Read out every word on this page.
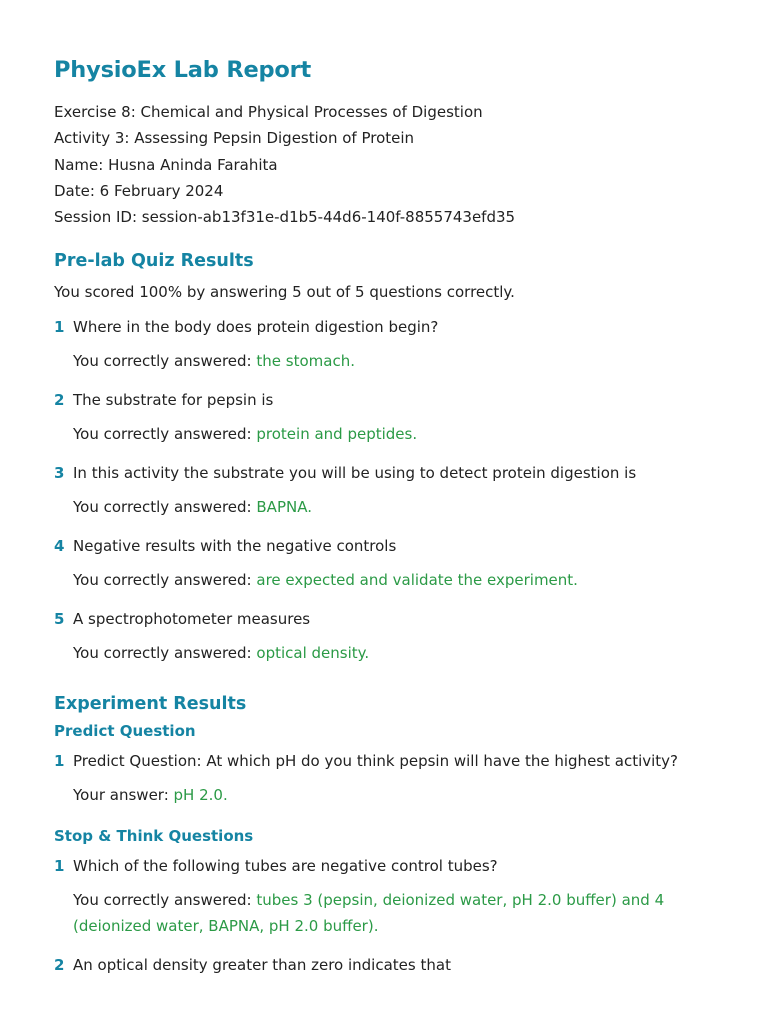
PhysioEx Lab Report
Exercise 8: Chemical and Physical Processes of Digestion
Activity 3: Assessing Pepsin Digestion of Protein
Name: Husna Aninda Farahita
Date: 6 February 2024
Session ID: session-ab13f31e-d1b5-44d6-140f-8855743efd35
Pre-lab Quiz Results
You scored 100% by answering 5 out of 5 questions correctly.
1 Where in the body does protein digestion begin?
You correctly answered: the stomach.
2 The substrate for pepsin is
You correctly answered: protein and peptides.
3 In this activity the substrate you will be using to detect protein digestion is
You correctly answered: BAPNA.
4 Negative results with the negative controls
You correctly answered: are expected and validate the experiment.
5 A spectrophotometer measures
You correctly answered: optical density.
Experiment Results
Predict Question
1 Predict Question: At which pH do you think pepsin will have the highest activity?
Your answer: pH 2.0.
Stop & Think Questions
1 Which of the following tubes are negative control tubes?
You correctly answered: tubes 3 (pepsin, deionized water, pH 2.0 buffer) and 4 (deionized water, BAPNA, pH 2.0 buffer).
2 An optical density greater than zero indicates that
